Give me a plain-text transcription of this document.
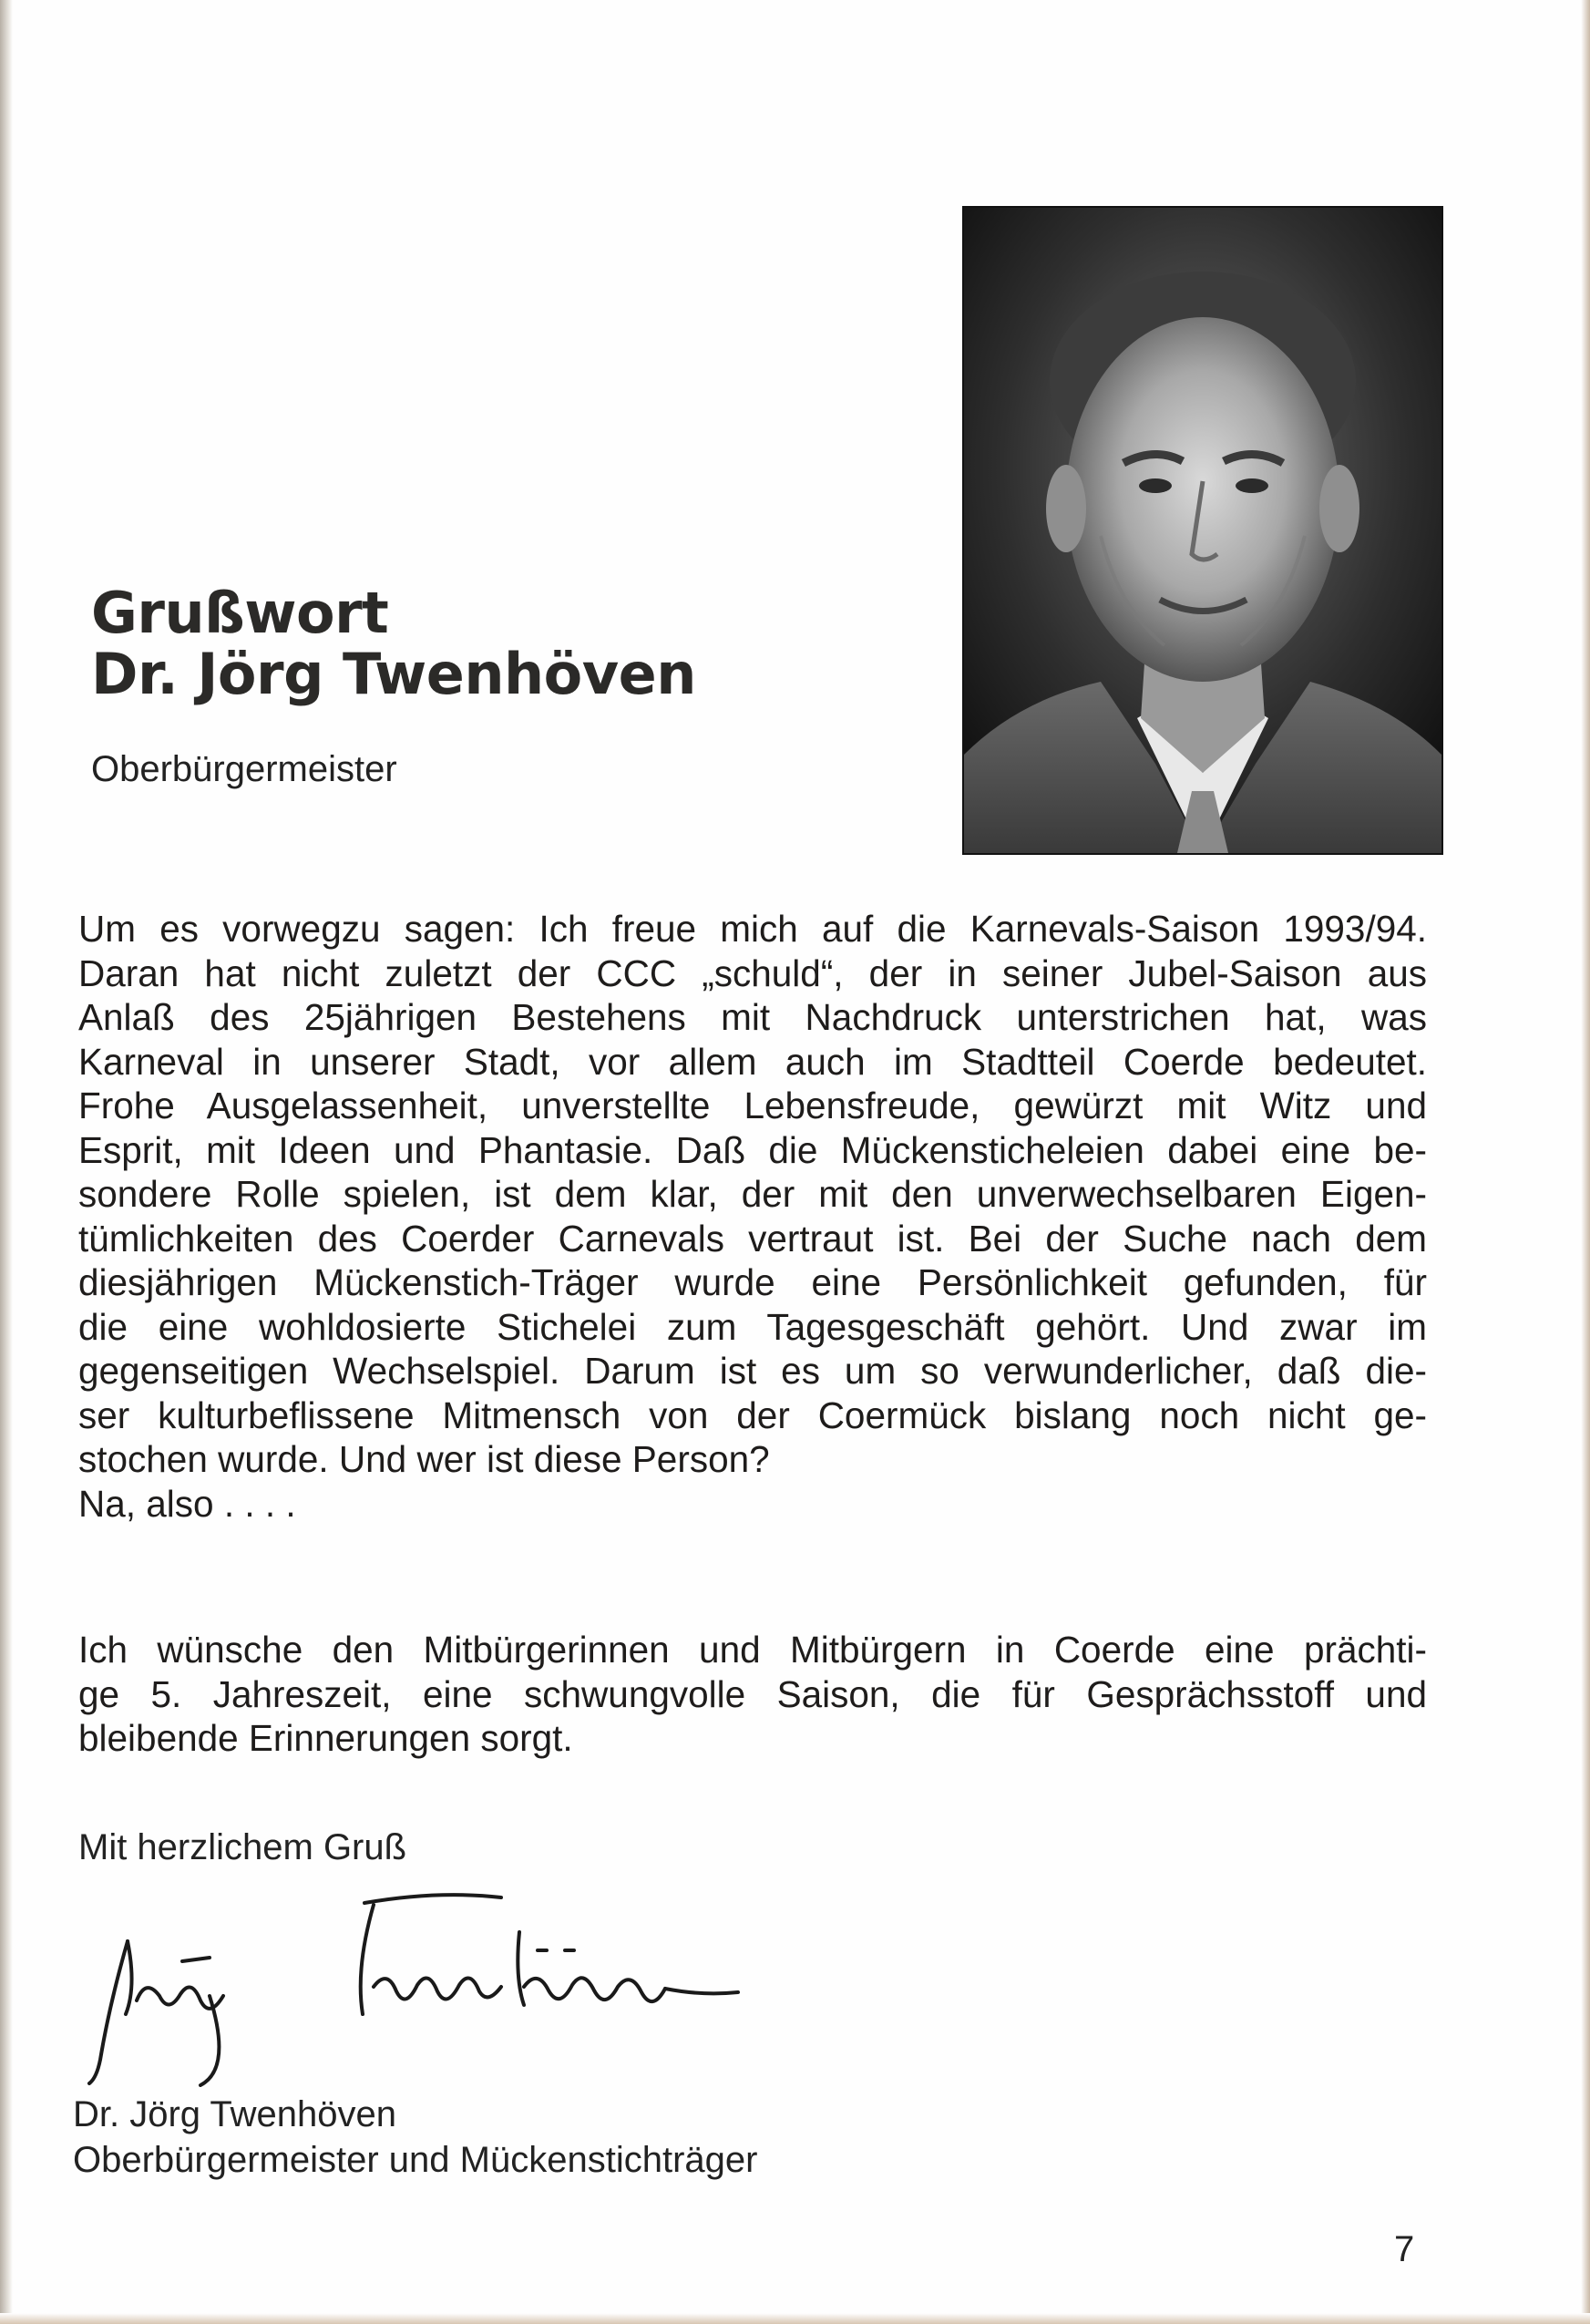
Grußwort
Dr. Jörg Twenhöven
Oberbürgermeister
Um es vorwegzu sagen: Ich freue mich auf die Karnevals-Saison 1993/94.
Daran hat nicht zuletzt der CCC „schuld“, der in seiner Jubel-Saison aus
Anlaß des 25jährigen Bestehens mit Nachdruck unterstrichen hat, was
Karneval in unserer Stadt, vor allem auch im Stadtteil Coerde bedeutet.
Frohe Ausgelassenheit, unverstellte Lebensfreude, gewürzt mit Witz und
Esprit, mit Ideen und Phantasie. Daß die Mückensticheleien dabei eine be-
sondere Rolle spielen, ist dem klar, der mit den unverwechselbaren Eigen-
tümlichkeiten des Coerder Carnevals vertraut ist. Bei der Suche nach dem
diesjährigen Mückenstich-Träger wurde eine Persönlichkeit gefunden, für
die eine wohldosierte Stichelei zum Tagesgeschäft gehört. Und zwar im
gegenseitigen Wechselspiel. Darum ist es um so verwunderlicher, daß die-
ser kulturbeflissene Mitmensch von der Coermück bislang noch nicht ge-
stochen wurde. Und wer ist diese Person?
Na, also . . . .
Ich wünsche den Mitbürgerinnen und Mitbürgern in Coerde eine prächti-
ge 5. Jahreszeit, eine schwungvolle Saison, die für Gesprächsstoff und
bleibende Erinnerungen sorgt.
Mit herzlichem Gruß
Dr. Jörg Twenhöven
Oberbürgermeister und Mückenstichträger
7
